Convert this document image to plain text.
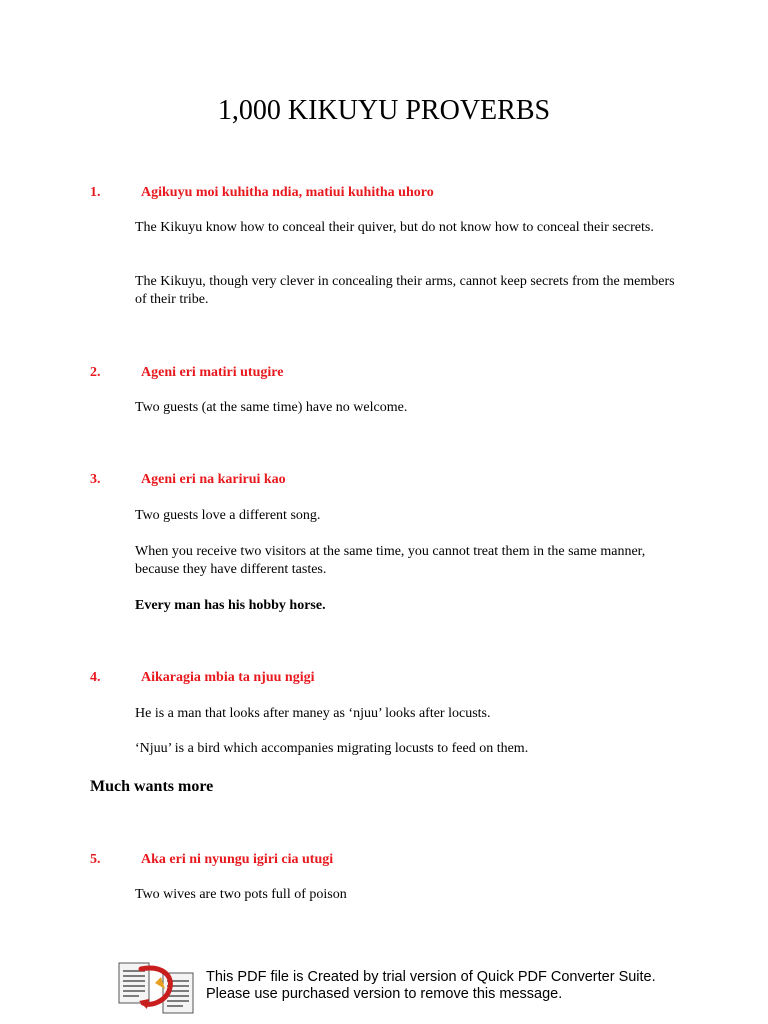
1,000 KIKUYU PROVERBS
1.	Agikuyu moi kuhitha ndia, matiui kuhitha uhoro

The Kikuyu know how to conceal their quiver, but do not know how to conceal their secrets.

The Kikuyu, though very clever in concealing their arms, cannot keep secrets from the members of their tribe.

2.	Ageni eri matiri utugire

Two guests (at the same time) have no welcome.

3.	Ageni eri na karirui kao

Two guests love a different song.

When you receive two visitors at the same time, you cannot treat them in the same manner, because they have different tastes.

Every man has his hobby horse.

4.	Aikaragia mbia ta njuu ngigi

He is a man that looks after maney as ‘njuu’ looks after locusts.

‘Njuu’ is a bird which accompanies migrating locusts to feed on them.

Much wants more
5.	Aka eri ni nyungu igiri cia utugi

Two wives are two pots full of poison

This PDF file is Created by trial version of Quick PDF Converter Suite.
Please use purchased version to remove this message.
